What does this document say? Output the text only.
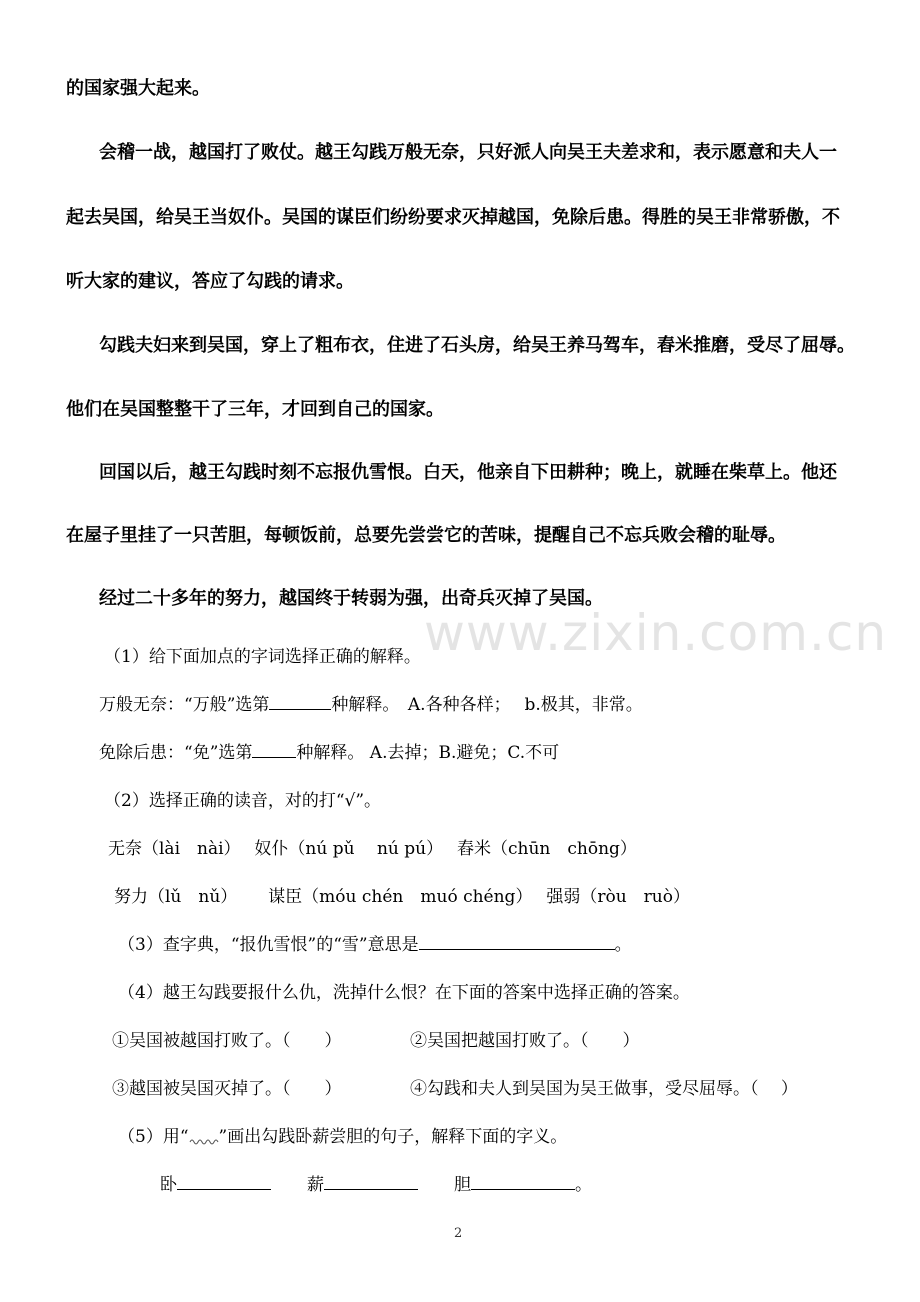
的国家强大起来。
会稽一战，越国打了败仗。越王勾践万般无奈，只好派人向吴王夫差求和，表示愿意和夫人一
起去吴国，给吴王当奴仆。吴国的谋臣们纷纷要求灭掉越国，免除后患。得胜的吴王非常骄傲，不
听大家的建议，答应了勾践的请求。
勾践夫妇来到吴国，穿上了粗布衣，住进了石头房，给吴王养马驾车，舂米推磨，受尽了屈辱。
他们在吴国整整干了三年，才回到自己的国家。
回国以后，越王勾践时刻不忘报仇雪恨。白天，他亲自下田耕种；晚上，就睡在柴草上。他还
在屋子里挂了一只苦胆，每顿饭前，总要先尝尝它的苦味，提醒自己不忘兵败会稽的耻辱。
经过二十多年的努力，越国终于转弱为强，出奇兵灭掉了吴国。
www.zixin.com.cn
（1）给下面加点的字词选择正确的解释。
万般无奈：“万般”选第	种解释。　A.各种各样；　 b.极其，非常。
免除后患：“免”选第	种解释。 A.去掉；B.避免；C.不可
（2）选择正确的读音，对的打“√”。
无奈（lài　nài）　 奴仆（nú pǔ　 nú pú）　 舂米（chūn　chōng）
努力（lǔ　nǔ）　　 谋臣（móu chén　muó chéng）　 强弱（ròu　ruò）
（3）查字典，“报仇雪恨”的“雪”意思是	。
（4）越王勾践要报什么仇，洗掉什么恨？在下面的答案中选择正确的答案。
①吴国被越国打败了。（　　）	②吴国把越国打败了。（　　）
③越国被吴国灭掉了。（　　）	④勾践和夫人到吴国为吴王做事，受尽屈辱。（　 ）
（5）用“ ”画出勾践卧薪尝胆的句子，解释下面的字义。
卧	薪	胆	。
2
